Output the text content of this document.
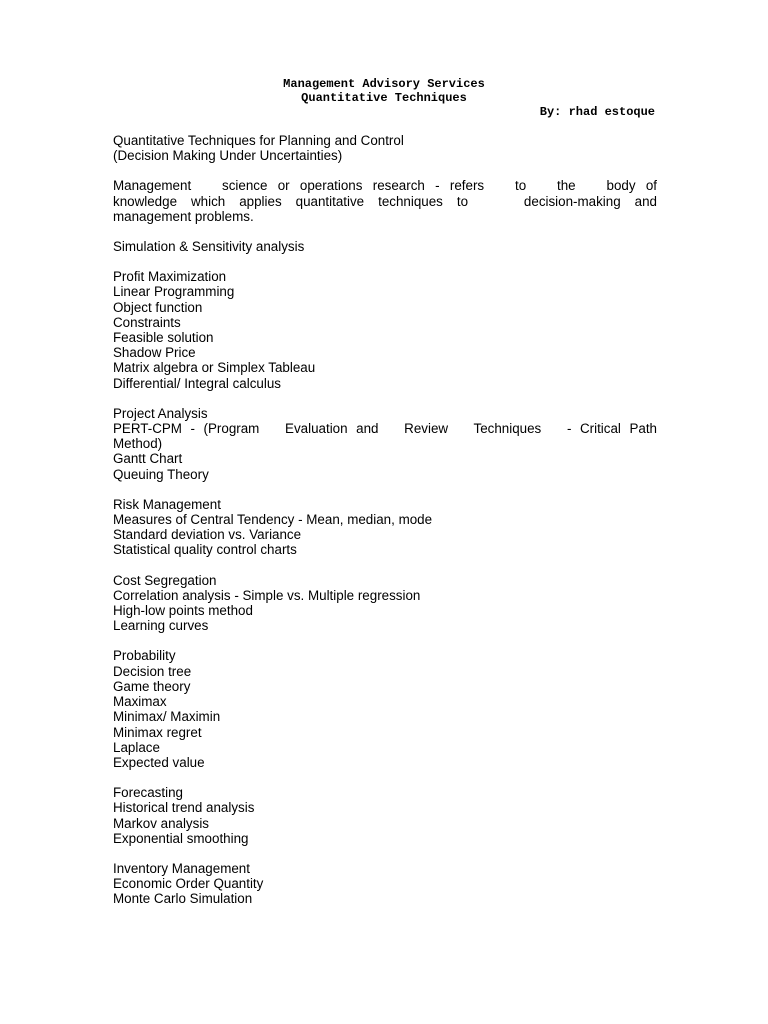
Management Advisory Services
Quantitative Techniques
By: rhad estoque

Quantitative Techniques for Planning and Control

(Decision Making Under Uncertainties)

Management   science or operations research - refers   to   the   body of

knowledge which applies quantitative techniques to    decision-making and

management problems.

Simulation & Sensitivity analysis

Profit Maximization

Linear Programming

Object function

Constraints

Feasible solution

Shadow Price

Matrix algebra or Simplex Tableau

Differential/ Integral calculus

Project Analysis

PERT-CPM - (Program   Evaluation and   Review   Techniques   - Critical Path

Method)

Gantt Chart

Queuing Theory

Risk Management

Measures of Central Tendency - Mean, median, mode

Standard deviation vs. Variance

Statistical quality control charts

Cost Segregation

Correlation analysis - Simple vs. Multiple regression

High-low points method

Learning curves

Probability

Decision tree

Game theory

Maximax

Minimax/ Maximin

Minimax regret

Laplace

Expected value

Forecasting

Historical trend analysis

Markov analysis

Exponential smoothing

Inventory Management

Economic Order Quantity

Monte Carlo Simulation
